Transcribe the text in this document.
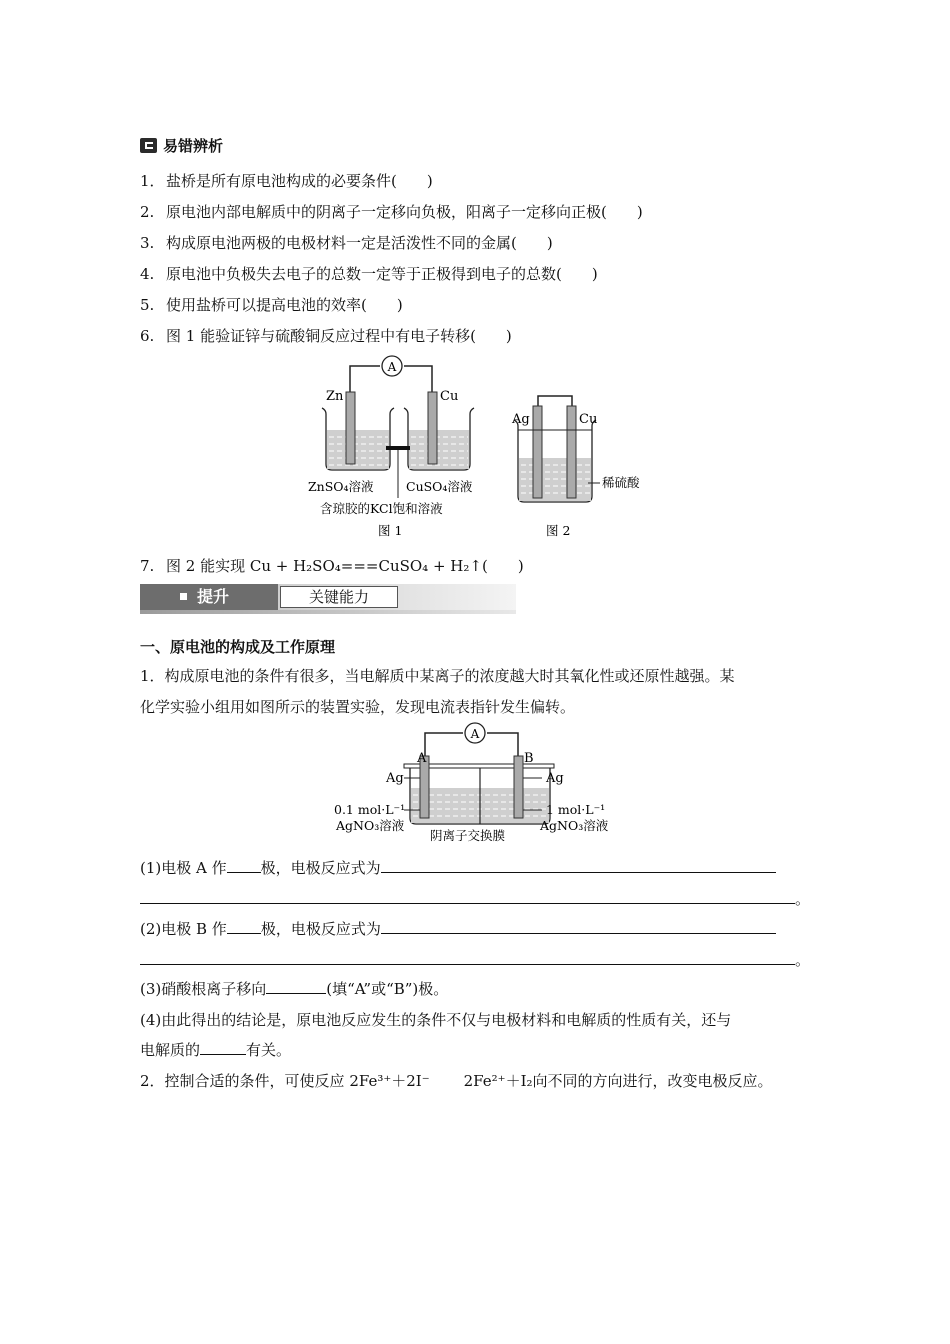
易错辨析
1．盐桥是所有原电池构成的必要条件(　　)
2. 原电池内部电解质中的阴离子一定移向负极，阳离子一定移向正极(　　)
3. 构成原电池两极的电极材料一定是活泼性不同的金属(　　)
4. 原电池中负极失去电子的总数一定等于正极得到电子的总数(　　)
5. 使用盐桥可以提高电池的效率(　　)
6. 图 1 能验证锌与硫酸铜反应过程中有电子转移(　　)
A
Zn	Cu
ZnSO₄溶液	CuSO₄溶液
含琼胶的KCl饱和溶液
图 1
Ag	Cu
稀硫酸
图 2
7. 图 2 能实现 Cu + H₂SO₄===CuSO₄ + H₂↑(　　)
提升	关键能力
一、原电池的构成及工作原理
1．构成原电池的条件有很多，当电解质中某离子的浓度越大时其氧化性或还原性越强。某
化学实验小组用如图所示的装置实验，发现电流表指针发生偏转。
A
A	B
Ag	Ag
0.1 mol·L⁻¹
AgNO₃溶液
1 mol·L⁻¹
AgNO₃溶液
阴离子交换膜
(1)电极 A 作 极，电极反应式为
。
(2)电极 B 作 极，电极反应式为
。
(3)硝酸根离子移向	(填“A”或“B”)极。
(4)由此得出的结论是，原电池反应发生的条件不仅与电极材料和电解质的性质有关，还与
电解质的	有关。
2．控制合适的条件，可使反应 2Fe³⁺＋2I⁻ 2Fe²⁺＋I₂向不同的方向进行，改变电极反应。
